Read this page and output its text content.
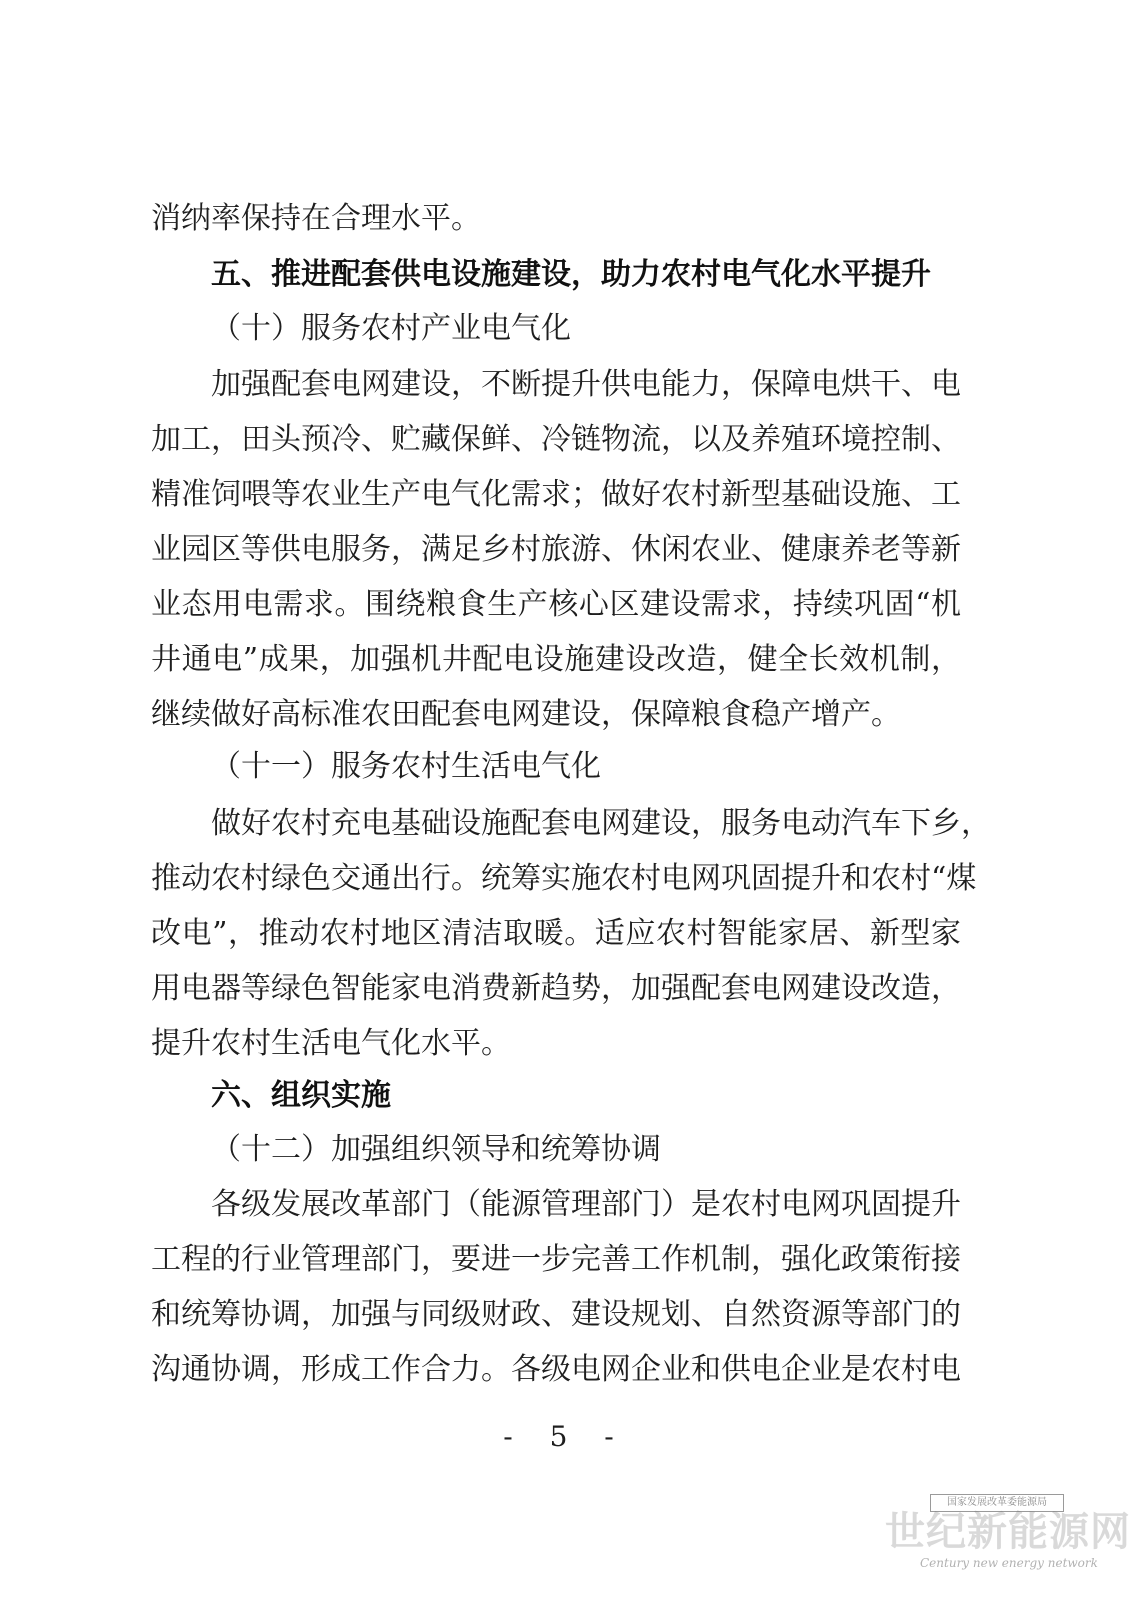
消纳率保持在合理水平。
五、推进配套供电设施建设，助力农村电气化水平提升
（十）服务农村产业电气化
加强配套电网建设，不断提升供电能力，保障电烘干、电
加工，田头预冷、贮藏保鲜、冷链物流，以及养殖环境控制、
精准饲喂等农业生产电气化需求；做好农村新型基础设施、工
业园区等供电服务，满足乡村旅游、休闲农业、健康养老等新
业态用电需求。围绕粮食生产核心区建设需求，持续巩固“机
井通电”成果，加强机井配电设施建设改造，健全长效机制，
继续做好高标准农田配套电网建设，保障粮食稳产增产。
（十一）服务农村生活电气化
做好农村充电基础设施配套电网建设，服务电动汽车下乡，
推动农村绿色交通出行。统筹实施农村电网巩固提升和农村“煤
改电”，推动农村地区清洁取暖。适应农村智能家居、新型家
用电器等绿色智能家电消费新趋势，加强配套电网建设改造，
提升农村生活电气化水平。
六、组织实施
（十二）加强组织领导和统筹协调
各级发展改革部门（能源管理部门）是农村电网巩固提升
工程的行业管理部门，要进一步完善工作机制，强化政策衔接
和统筹协调，加强与同级财政、建设规划、自然资源等部门的
沟通协调，形成工作合力。各级电网企业和供电企业是农村电
- 5 -
国家发展改革委能源局
世纪新能源网
Century new energy network
